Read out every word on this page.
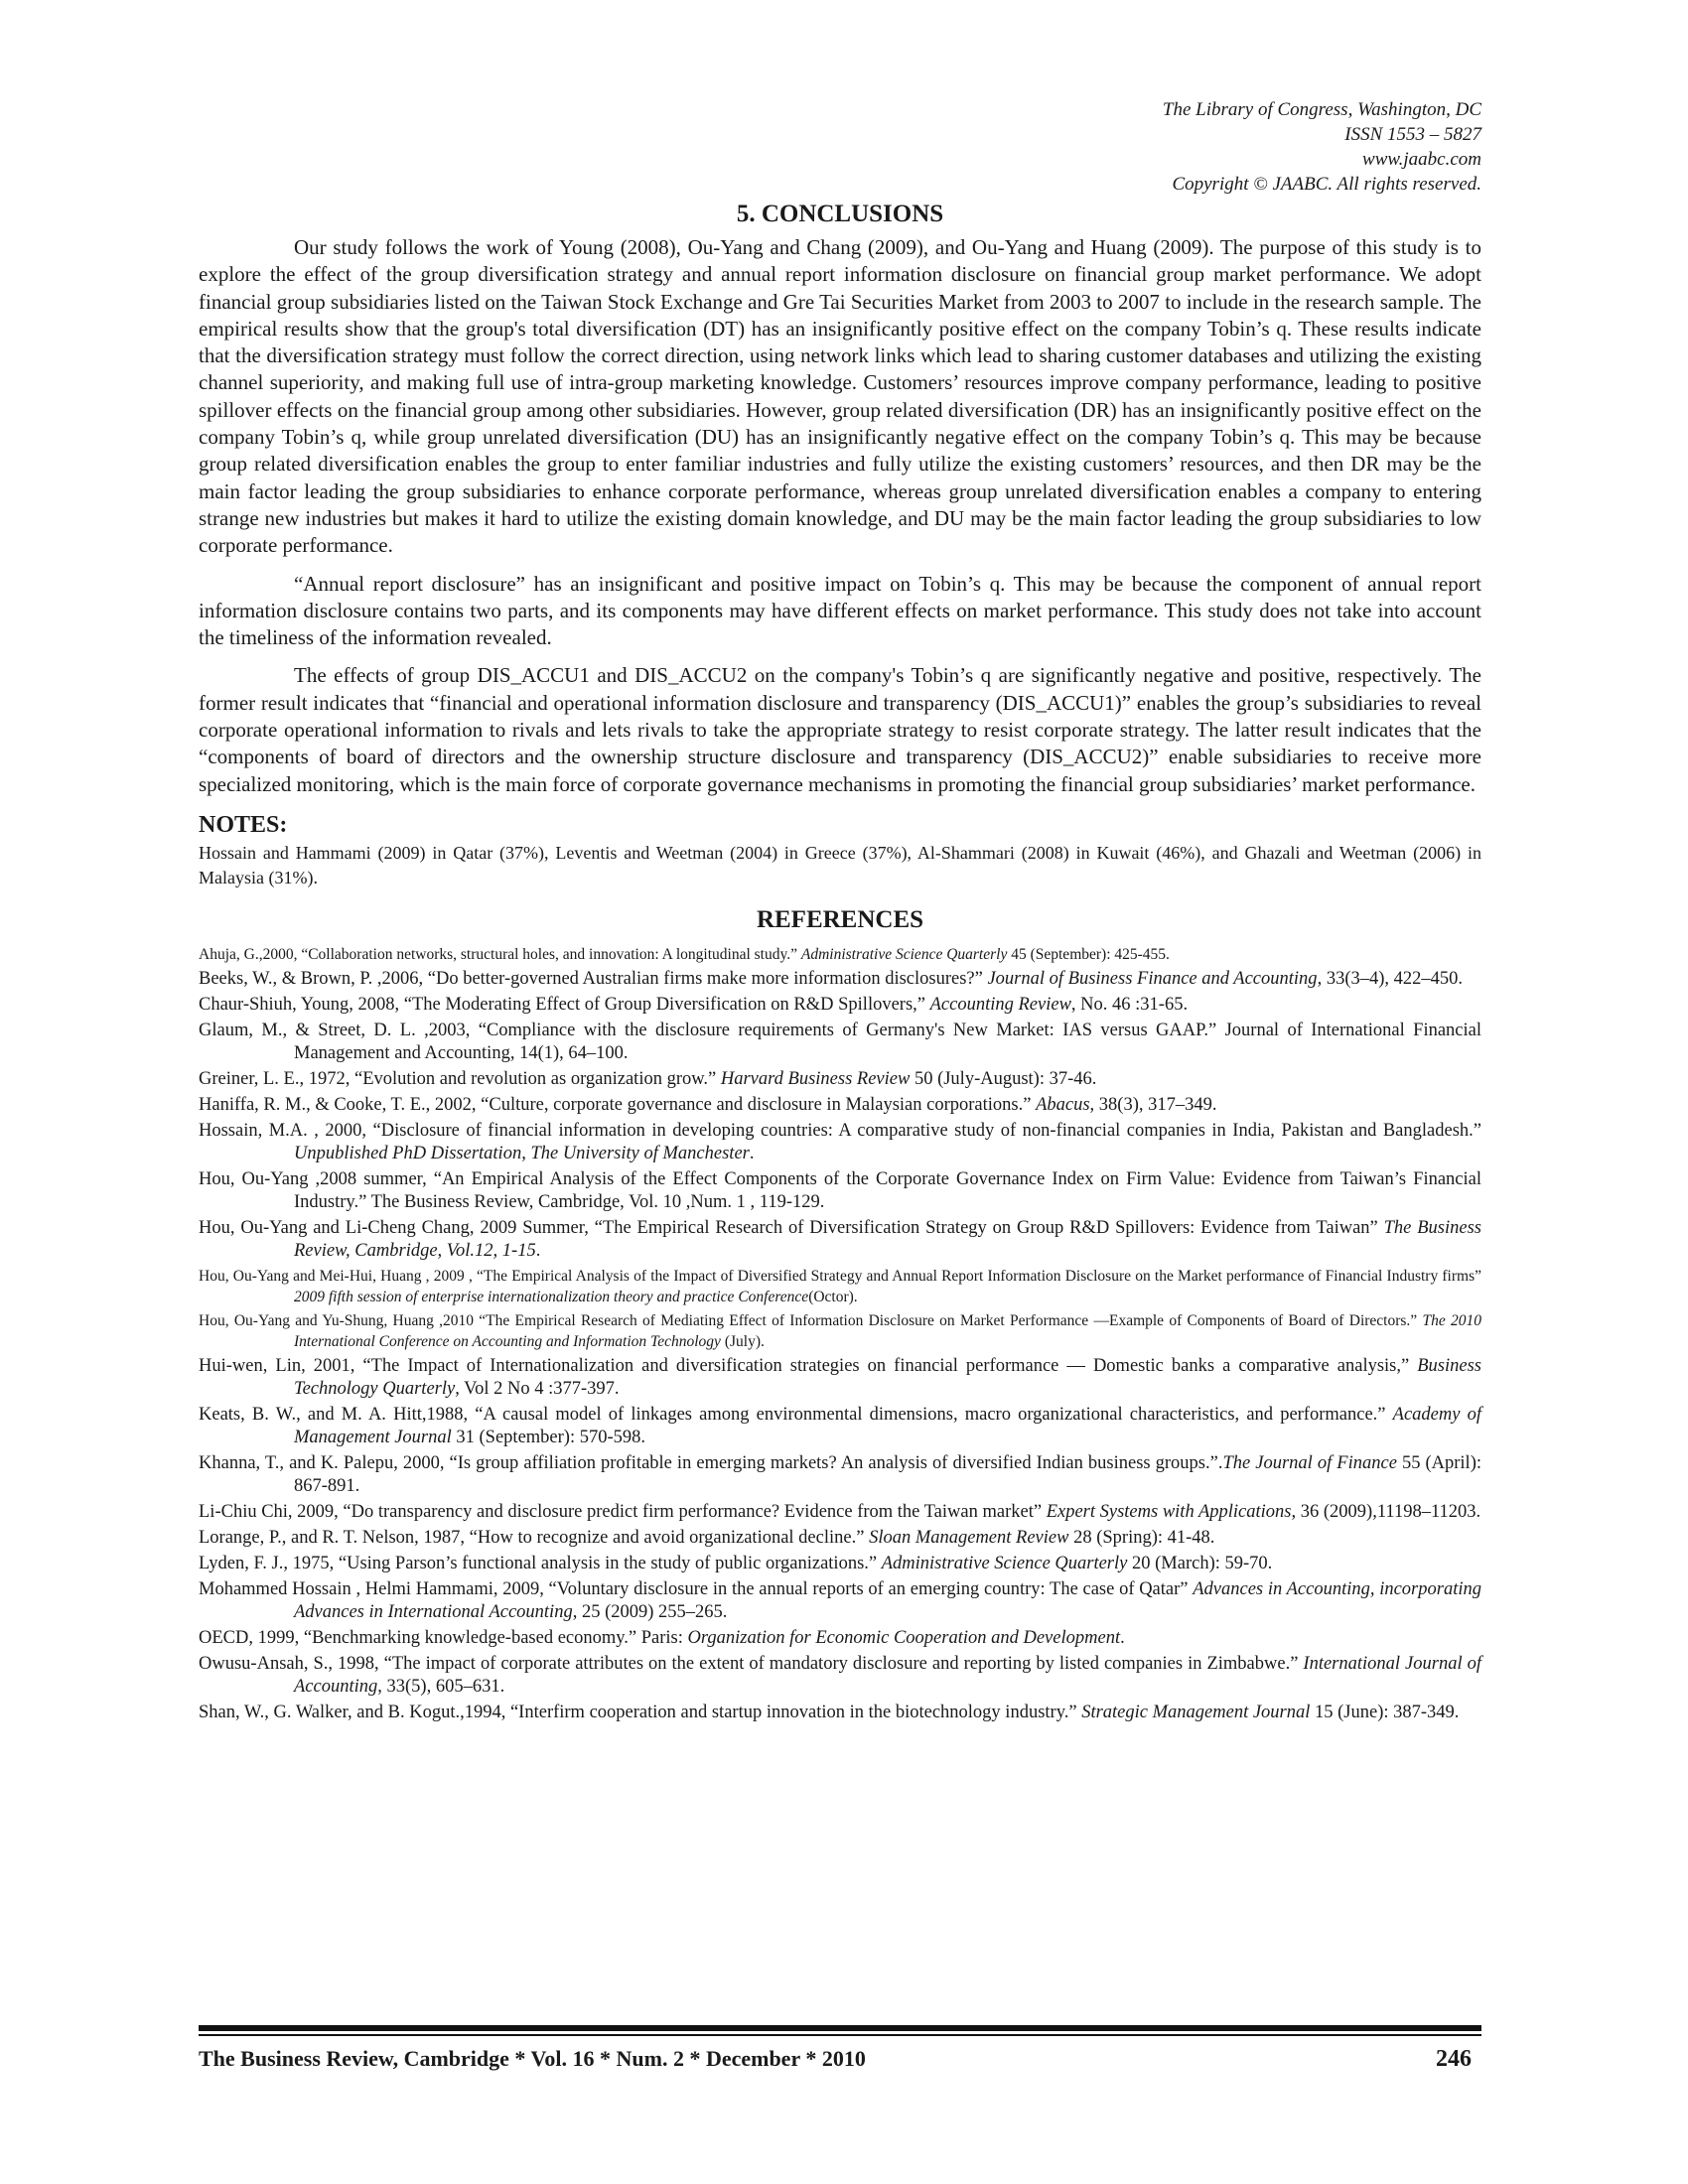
The Library of Congress, Washington, DC
ISSN 1553 – 5827
www.jaabc.com
Copyright © JAABC. All rights reserved.
5. CONCLUSIONS

Our study follows the work of Young (2008), Ou-Yang and Chang (2009), and Ou-Yang and Huang (2009). The purpose of this study is to explore the effect of the group diversification strategy and annual report information disclosure on financial group market performance. We adopt financial group subsidiaries listed on the Taiwan Stock Exchange and Gre Tai Securities Market from 2003 to 2007 to include in the research sample. The empirical results show that the group's total diversification (DT) has an insignificantly positive effect on the company Tobin’s q. These results indicate that the diversification strategy must follow the correct direction, using network links which lead to sharing customer databases and utilizing the existing channel superiority, and making full use of intra-group marketing knowledge. Customers’ resources improve company performance, leading to positive spillover effects on the financial group among other subsidiaries. However, group related diversification (DR) has an insignificantly positive effect on the company Tobin’s q, while group unrelated diversification (DU) has an insignificantly negative effect on the company Tobin’s q. This may be because group related diversification enables the group to enter familiar industries and fully utilize the existing customers’ resources, and then DR may be the main factor leading the group subsidiaries to enhance corporate performance, whereas group unrelated diversification enables a company to entering strange new industries but makes it hard to utilize the existing domain knowledge, and DU may be the main factor leading the group subsidiaries to low corporate performance.

“Annual report disclosure” has an insignificant and positive impact on Tobin’s q. This may be because the component of annual report information disclosure contains two parts, and its components may have different effects on market performance. This study does not take into account the timeliness of the information revealed.

The effects of group DIS_ACCU1 and DIS_ACCU2 on the company's Tobin’s q are significantly negative and positive, respectively. The former result indicates that “financial and operational information disclosure and transparency (DIS_ACCU1)” enables the group’s subsidiaries to reveal corporate operational information to rivals and lets rivals to take the appropriate strategy to resist corporate strategy. The latter result indicates that the “components of board of directors and the ownership structure disclosure and transparency (DIS_ACCU2)” enable subsidiaries to receive more specialized monitoring, which is the main force of corporate governance mechanisms in promoting the financial group subsidiaries’ market performance.

NOTES:

Hossain and Hammami (2009) in Qatar (37%), Leventis and Weetman (2004) in Greece (37%), Al-Shammari (2008) in Kuwait (46%), and Ghazali and Weetman (2006) in Malaysia (31%).

REFERENCES
Ahuja, G.,2000, “Collaboration networks, structural holes, and innovation: A longitudinal study.” Administrative Science Quarterly 45 (September): 425-455.
Beeks, W., & Brown, P. ,2006, “Do better-governed Australian firms make more information disclosures?” Journal of Business Finance and Accounting, 33(3–4), 422–450.
Chaur-Shiuh, Young, 2008, “The Moderating Effect of Group Diversification on R&D Spillovers,” Accounting Review, No. 46 :31-65.
Glaum, M., & Street, D. L. ,2003, “Compliance with the disclosure requirements of Germany's New Market: IAS versus GAAP.” Journal of International Financial Management and Accounting, 14(1), 64–100.
Greiner, L. E., 1972, “Evolution and revolution as organization grow.” Harvard Business Review 50 (July-August): 37-46.
Haniffa, R. M., & Cooke, T. E., 2002, “Culture, corporate governance and disclosure in Malaysian corporations.” Abacus, 38(3), 317–349.
Hossain, M.A. , 2000, “Disclosure of financial information in developing countries: A comparative study of non-financial companies in India, Pakistan and Bangladesh.” Unpublished PhD Dissertation, The University of Manchester.
Hou, Ou-Yang ,2008 summer, “An Empirical Analysis of the Effect Components of the Corporate Governance Index on Firm Value: Evidence from Taiwan’s Financial Industry.” The Business Review, Cambridge, Vol. 10 ,Num. 1 , 119-129.
Hou, Ou-Yang and Li-Cheng Chang, 2009 Summer, “The Empirical Research of Diversification Strategy on Group R&D Spillovers: Evidence from Taiwan” The Business Review, Cambridge, Vol.12, 1-15.
Hou, Ou-Yang and Mei-Hui, Huang , 2009 , “The Empirical Analysis of the Impact of Diversified Strategy and Annual Report Information Disclosure on the Market performance of Financial Industry firms” 2009 fifth session of enterprise internationalization theory and practice Conference(Octor).
Hou, Ou-Yang and Yu-Shung, Huang ,2010 “The Empirical Research of Mediating Effect of Information Disclosure on Market Performance —Example of Components of Board of Directors.” The 2010 International Conference on Accounting and Information Technology (July).
Hui-wen, Lin, 2001, “The Impact of Internationalization and diversification strategies on financial performance — Domestic banks a comparative analysis,” Business Technology Quarterly, Vol 2 No 4 :377-397.
Keats, B. W., and M. A. Hitt,1988, “A causal model of linkages among environmental dimensions, macro organizational characteristics, and performance.” Academy of Management Journal 31 (September): 570-598.
Khanna, T., and K. Palepu, 2000, “Is group affiliation profitable in emerging markets? An analysis of diversified Indian business groups.”.The Journal of Finance 55 (April): 867-891.
Li-Chiu Chi, 2009, “Do transparency and disclosure predict firm performance? Evidence from the Taiwan market” Expert Systems with Applications, 36 (2009),11198–11203.
Lorange, P., and R. T. Nelson, 1987, “How to recognize and avoid organizational decline.” Sloan Management Review 28 (Spring): 41-48.
Lyden, F. J., 1975, “Using Parson’s functional analysis in the study of public organizations.” Administrative Science Quarterly 20 (March): 59-70.
Mohammed Hossain , Helmi Hammami, 2009, “Voluntary disclosure in the annual reports of an emerging country: The case of Qatar” Advances in Accounting, incorporating Advances in International Accounting, 25 (2009) 255–265.
OECD, 1999, “Benchmarking knowledge-based economy.” Paris: Organization for Economic Cooperation and Development.
Owusu-Ansah, S., 1998, “The impact of corporate attributes on the extent of mandatory disclosure and reporting by listed companies in Zimbabwe.” International Journal of Accounting, 33(5), 605–631.
Shan, W., G. Walker, and B. Kogut.,1994, “Interfirm cooperation and startup innovation in the biotechnology industry.” Strategic Management Journal 15 (June): 387-349.
The Business Review, Cambridge * Vol. 16 * Num. 2 * December * 2010	246
